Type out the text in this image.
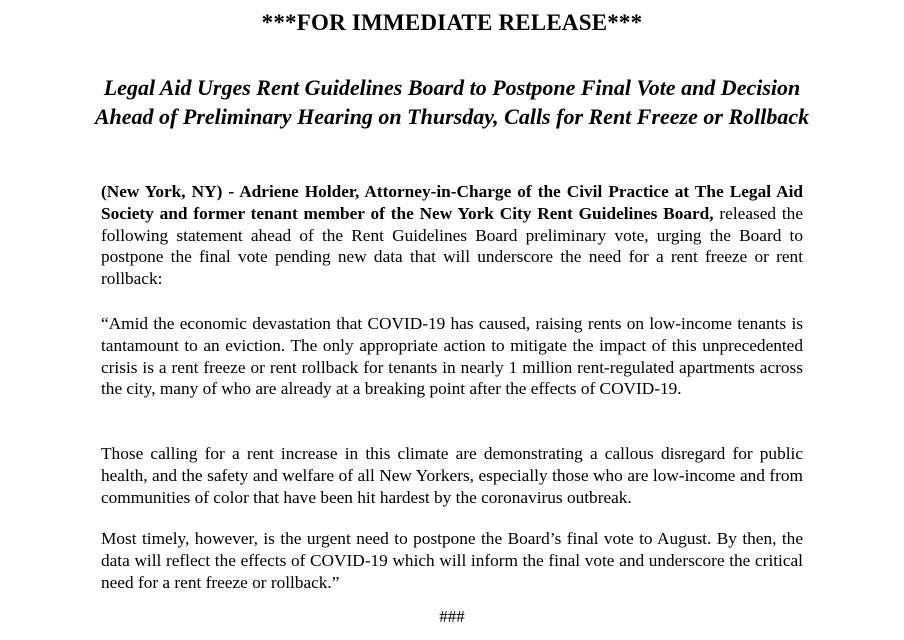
***FOR IMMEDIATE RELEASE***
Legal Aid Urges Rent Guidelines Board to Postpone Final Vote and Decision Ahead of Preliminary Hearing on Thursday, Calls for Rent Freeze or Rollback

(New York, NY) - Adriene Holder, Attorney-in-Charge of the Civil Practice at The Legal Aid Society and former tenant member of the New York City Rent Guidelines Board, released the following statement ahead of the Rent Guidelines Board preliminary vote, urging the Board to postpone the final vote pending new data that will underscore the need for a rent freeze or rent rollback:

“Amid the economic devastation that COVID-19 has caused, raising rents on low-income tenants is tantamount to an eviction. The only appropriate action to mitigate the impact of this unprecedented crisis is a rent freeze or rent rollback for tenants in nearly 1 million rent-regulated apartments across the city, many of who are already at a breaking point after the effects of COVID-19.

Those calling for a rent increase in this climate are demonstrating a callous disregard for public health, and the safety and welfare of all New Yorkers, especially those who are low-income and from communities of color that have been hit hardest by the coronavirus outbreak.

Most timely, however, is the urgent need to postpone the Board’s final vote to August. By then, the data will reflect the effects of COVID-19 which will inform the final vote and underscore the critical need for a rent freeze or rollback.”

###
